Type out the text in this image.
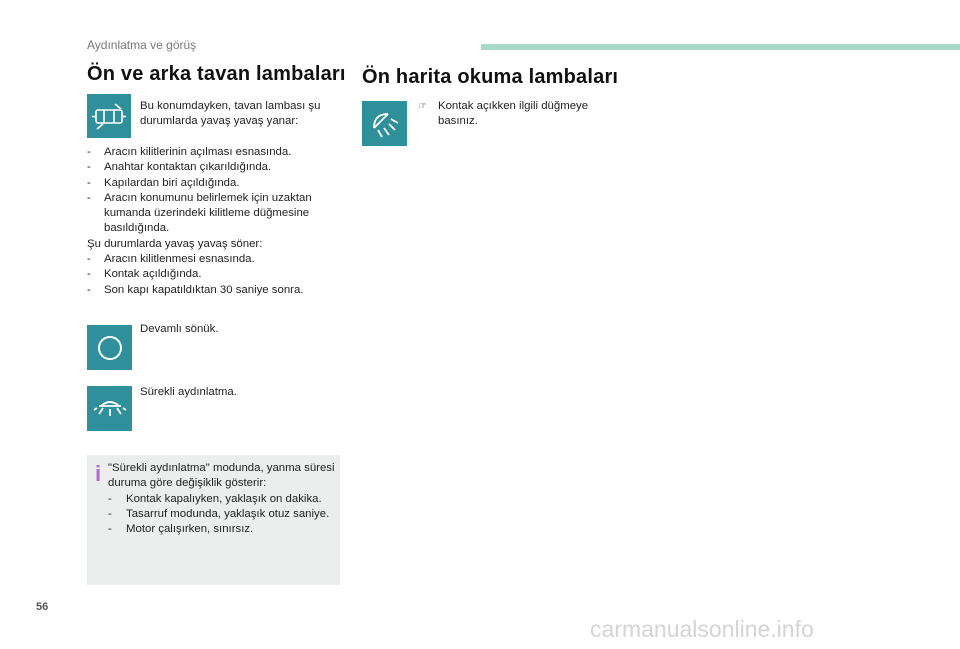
Aydınlatma ve görüş
Ön ve arka tavan lambaları Ön harita okuma lambaları
Bu konumdayken, tavan lambası şu durumlarda yavaş yavaş yanar:
- Aracın kilitlerinin açılması esnasında.
- Anahtar kontaktan çıkarıldığında.
- Kapılardan biri açıldığında.
- Aracın konumunu belirlemek için uzaktan kumanda üzerindeki kilitleme düğmesine basıldığında.
Şu durumlarda yavaş yavaş söner:
- Aracın kilitlenmesi esnasında.
- Kontak açıldığında.
- Son kapı kapatıldıktan 30 saniye sonra.
Devamlı sönük.
Sürekli aydınlatma.
i "Sürekli aydınlatma" modunda, yanma süresi duruma göre değişiklik gösterir:
- Kontak kapalıyken, yaklaşık on dakika.
- Tasarruf modunda, yaklaşık otuz saniye.
- Motor çalışırken, sınırsız.
☞ Kontak açıkken ilgili düğmeye basınız.
56
carmanualsonline.info
